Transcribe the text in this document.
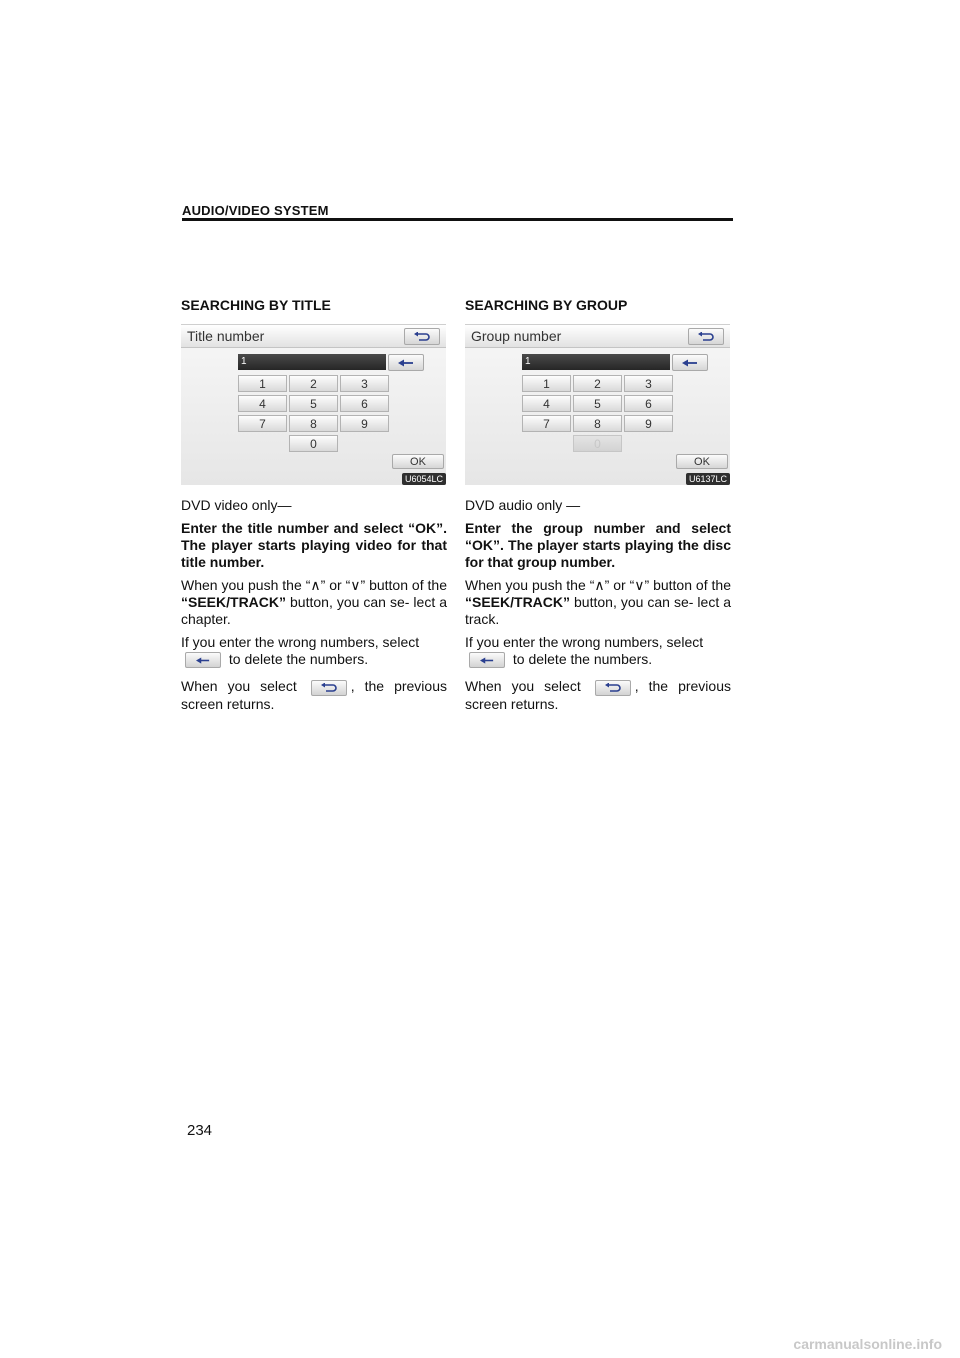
AUDIO/VIDEO SYSTEM
SEARCHING BY TITLE
Title number
1
1	2	3
4	5	6
7	8	9
0
OK
U6054LC

DVD video only—

Enter the title number and select “OK”. The player starts playing video for that title number.

When you push the “∧” or “∨” button of the “SEEK/TRACK” button, you can se- lect a chapter.

If you enter the wrong numbers, select

to delete the numbers.

When you select	, the previous screen returns.

SEARCHING BY GROUP
Group number
1
1	2	3
4	5	6
7	8	9
0
OK
U6137LC

DVD audio only —

Enter the group number and select “OK”. The player starts playing the disc for that group number.

When you push the “∧” or “∨” button of the “SEEK/TRACK” button, you can se- lect a track.

If you enter the wrong numbers, select

to delete the numbers.

When you select	, the previous screen returns.

234
carmanualsonline.info
